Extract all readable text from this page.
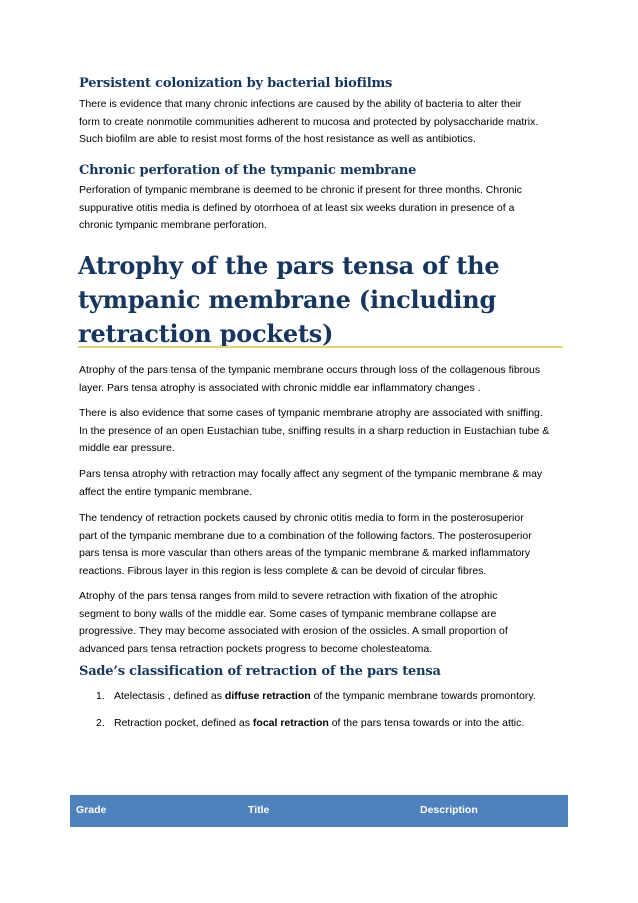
Persistent colonization by bacterial biofilms

There is evidence that many chronic infections are caused by the ability of bacteria to alter their
form to create nonmotile communities adherent to mucosa and protected by polysaccharide matrix.
Such biofilm are able to resist most forms of the host resistance as well as antibiotics.

Chronic perforation of the tympanic membrane

Perforation of tympanic membrane is deemed to be chronic if present for three months. Chronic
suppurative otitis media is defined by otorrhoea of at least six weeks duration in presence of a
chronic tympanic membrane perforation.

Atrophy of the pars tensa of the
tympanic membrane (including
retraction pockets)

Atrophy of the pars tensa of the tympanic membrane occurs through loss of the collagenous fibrous
layer. Pars tensa atrophy is associated with chronic middle ear inflammatory changes .

There is also evidence that some cases of tympanic membrane atrophy are associated with sniffing.
In the presence of an open Eustachian tube, sniffing results in a sharp reduction in Eustachian tube &
middle ear pressure.

Pars tensa atrophy with retraction may focally affect any segment of the tympanic membrane & may
affect the entire tympanic membrane.

The tendency of retraction pockets caused by chronic otitis media to form in the posterosuperior
part of the tympanic membrane due to a combination of the following factors. The posterosuperior
pars tensa is more vascular than others areas of the tympanic membrane & marked inflammatory
reactions. Fibrous layer in this region is less complete & can be devoid of circular fibres.

Atrophy of the pars tensa ranges from mild to severe retraction with fixation of the atrophic
segment to bony walls of the middle ear. Some cases of tympanic membrane collapse are
progressive. They may become associated with erosion of the ossicles. A small proportion of
advanced pars tensa retraction pockets progress to become cholesteatoma.

Sade’s classification of retraction of the pars tensa

1. Atelectasis , defined as diffuse retraction of the tympanic membrane towards promontory.

2. Retraction pocket, defined as focal retraction of the pars tensa towards or into the attic.

Grade	Title	Description
